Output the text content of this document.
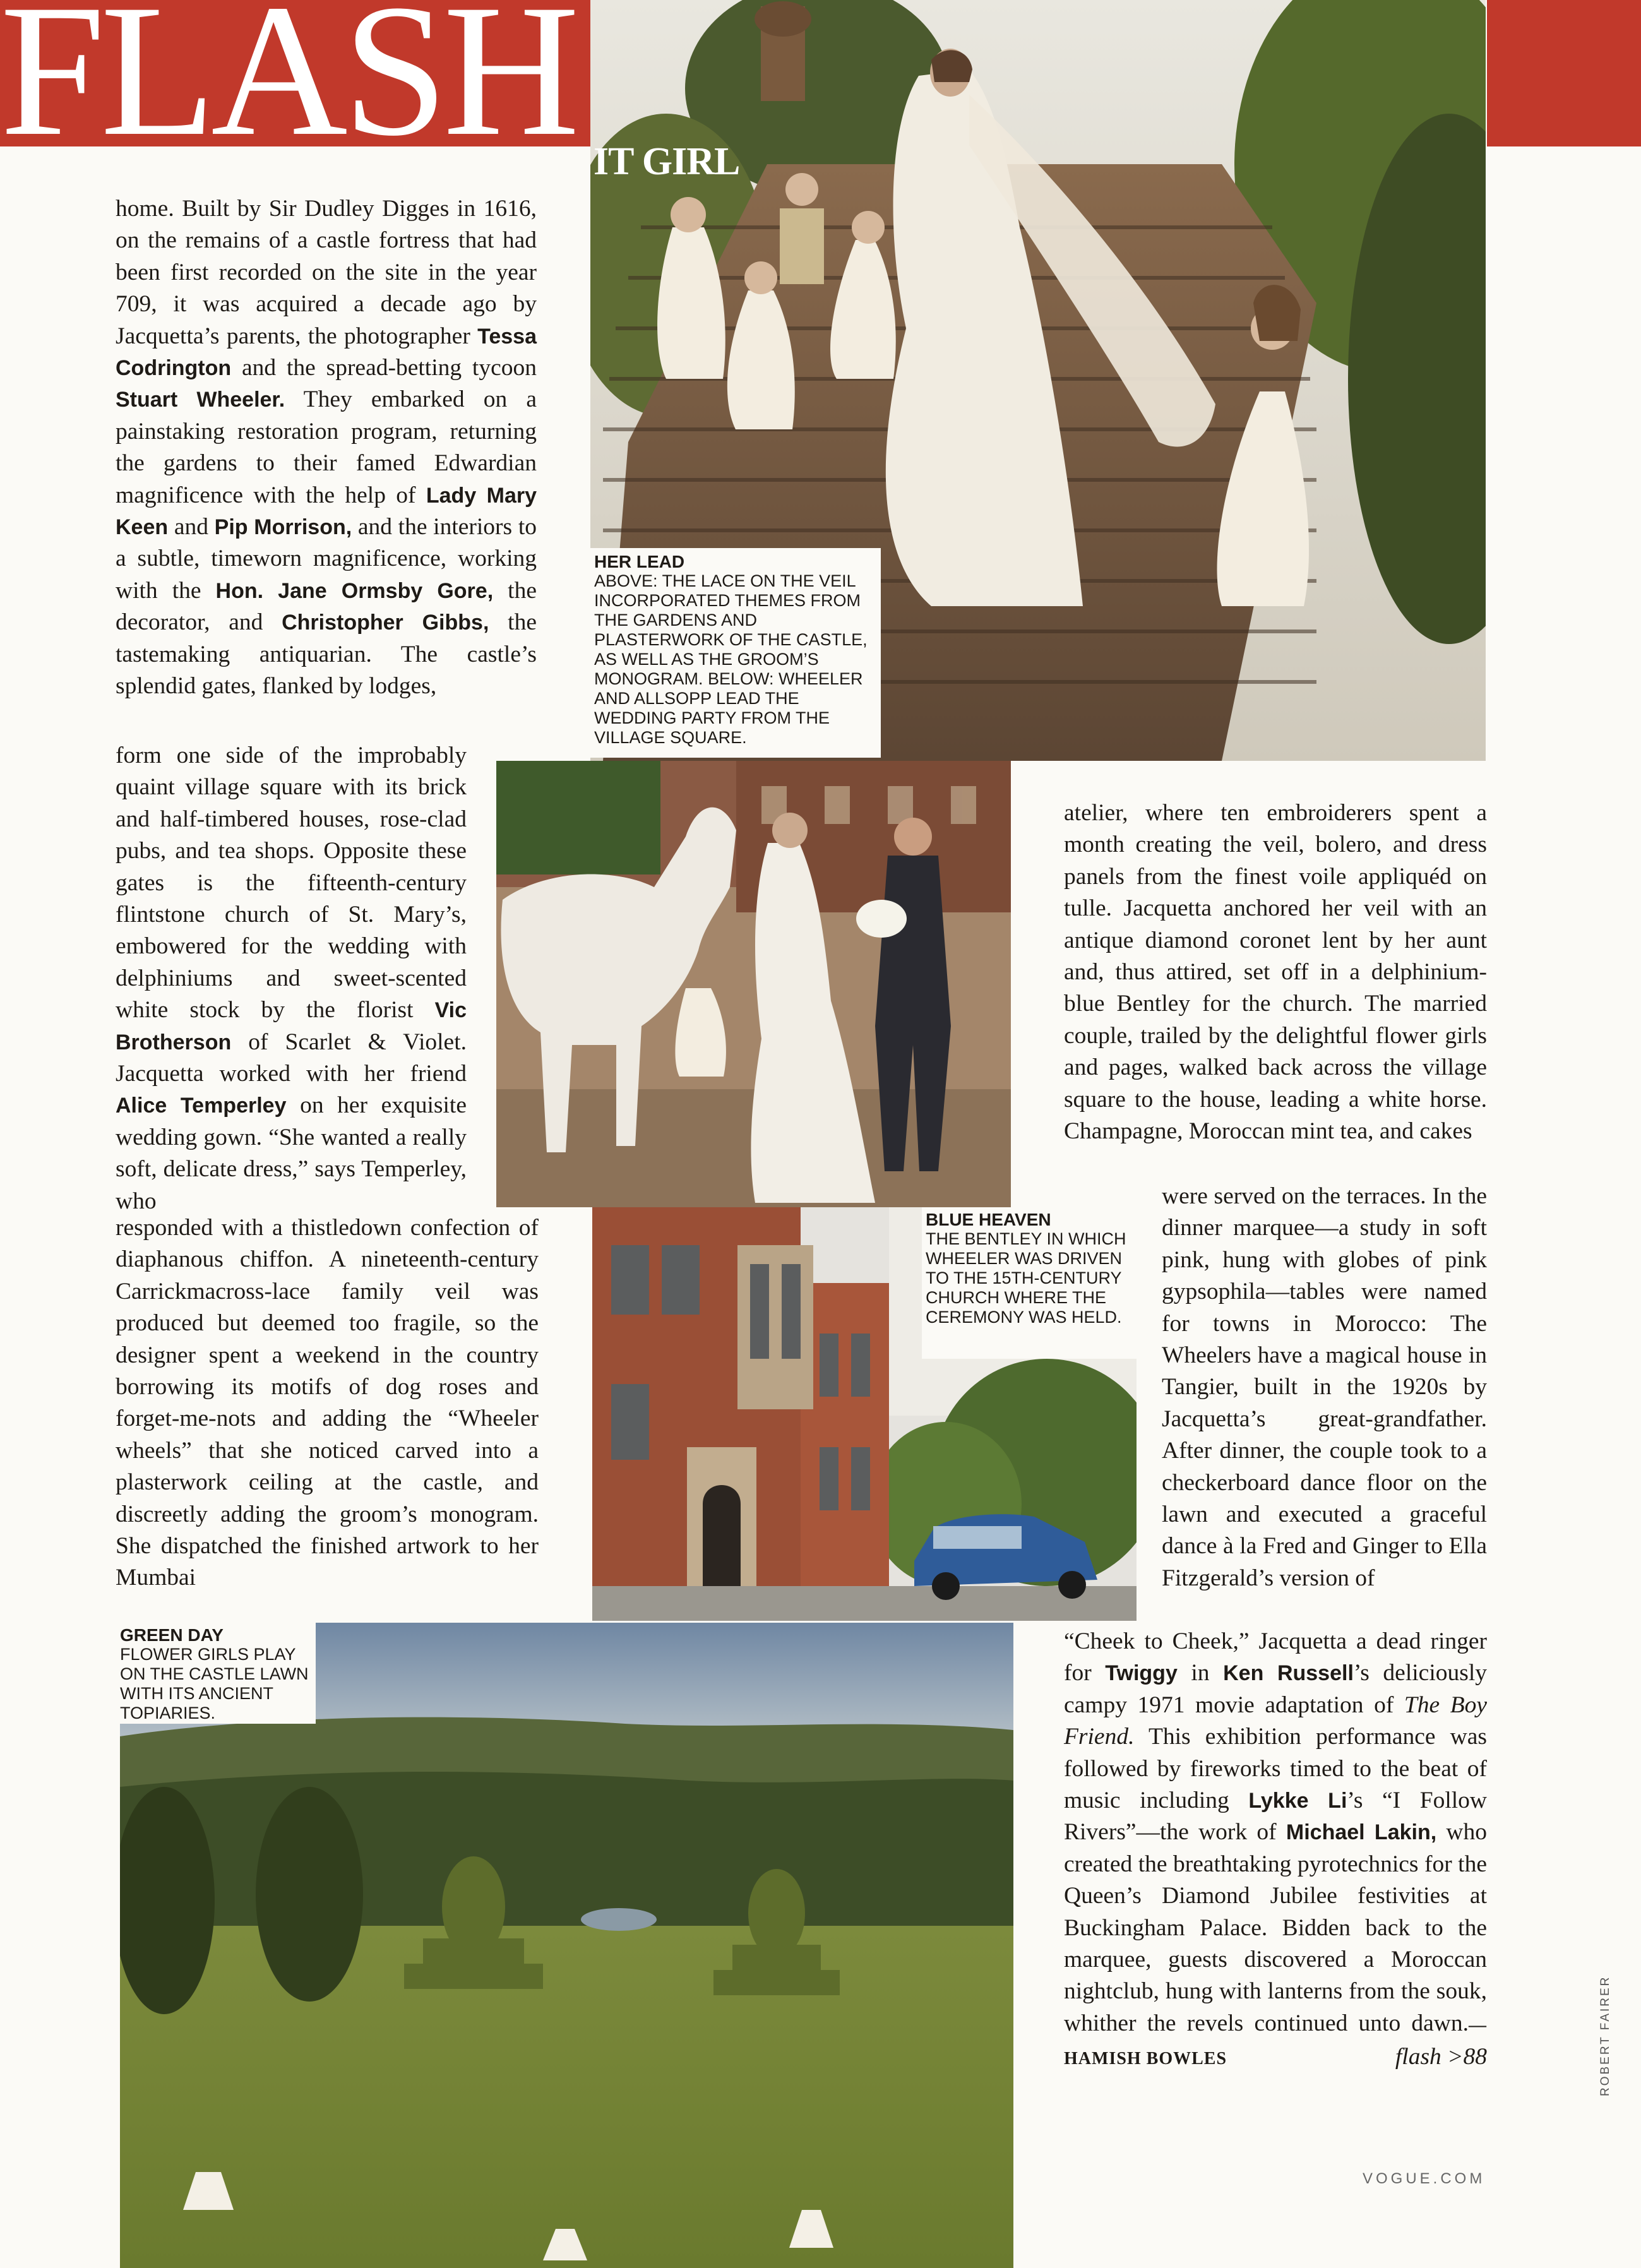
FLASH IT GIRL
HER LEAD
ABOVE: THE LACE ON THE VEIL INCORPORATED THEMES FROM THE GARDENS AND PLASTERWORK OF THE CASTLE, AS WELL AS THE GROOM’S MONOGRAM. BELOW: WHEELER AND ALLSOPP LEAD THE WEDDING PARTY FROM THE VILLAGE SQUARE.

home. Built by Sir Dudley Digges in 1616, on the remains of a castle fortress that had been first recorded on the site in the year 709, it was acquired a decade ago by Jacquetta’s parents, the photographer Tessa Codrington and the spread-betting tycoon Stuart Wheeler. They embarked on a painstaking restoration program, returning the gardens to their famed Edwardian magnificence with the help of Lady Mary Keen and Pip Morrison, and the interiors to a subtle, timeworn magnificence, working with the Hon. Jane Ormsby Gore, the decorator, and Christopher Gibbs, the tastemaking antiquarian. The castle’s splendid gates, flanked by lodges,

form one side of the improbably quaint village square with its brick and half-timbered houses, rose-clad pubs, and tea shops. Opposite these gates is the fifteenth-century flintstone church of St. Mary’s, embowered for the wedding with delphiniums and sweet-scented white stock by the florist Vic Brotherson of Scarlet & Violet. Jacquetta worked with her friend Alice Temperley on her exquisite wedding gown. “She wanted a really soft, delicate dress,” says Temperley, who

atelier, where ten embroiderers spent a month creating the veil, bolero, and dress panels from the finest voile appliquéd on tulle. Jacquetta anchored her veil with an antique diamond coronet lent by her aunt and, thus attired, set off in a delphinium-blue Bentley for the church. The married couple, trailed by the delightful flower girls and pages, walked back across the village square to the house, leading a white horse. Champagne, Moroccan mint tea, and cakes

BLUE HEAVEN
THE BENTLEY IN WHICH WHEELER WAS DRIVEN TO THE 15TH-CENTURY CHURCH WHERE THE CEREMONY WAS HELD.

responded with a thistledown confection of diaphanous chiffon. A nineteenth-century Carrickmacross-lace family veil was produced but deemed too fragile, so the designer spent a weekend in the country borrowing its motifs of dog roses and forget-me-nots and adding the “Wheeler wheels” that she noticed carved into a plasterwork ceiling at the castle, and discreetly adding the groom’s monogram. She dispatched the finished artwork to her Mumbai

were served on the terraces. In the dinner marquee—a study in soft pink, hung with globes of pink gypsophila—tables were named for towns in Morocco: The Wheelers have a magical house in Tangier, built in the 1920s by Jacquetta’s great-grandfather. After dinner, the couple took to a checkerboard dance floor on the lawn and executed a graceful dance à la Fred and Ginger to Ella Fitzgerald’s version of

GREEN DAY
FLOWER GIRLS PLAY ON THE CASTLE LAWN WITH ITS ANCIENT TOPIARIES.

“Cheek to Cheek,” Jacquetta a dead ringer for Twiggy in Ken Russell’s deliciously campy 1971 movie adaptation of The Boy Friend. This exhibition performance was followed by fireworks timed to the beat of music including Lykke Li’s “I Follow Rivers”—the work of Michael Lakin, who created the breathtaking pyrotechnics for the Queen’s Diamond Jubilee festivities at Buckingham Palace. Bidden back to the marquee, guests discovered a Moroccan nightclub, hung with lanterns from the souk, whither the revels continued unto dawn.—HAMISH BOWLES	flash >88	ROBERT FAIRER
VOGUE.COM
